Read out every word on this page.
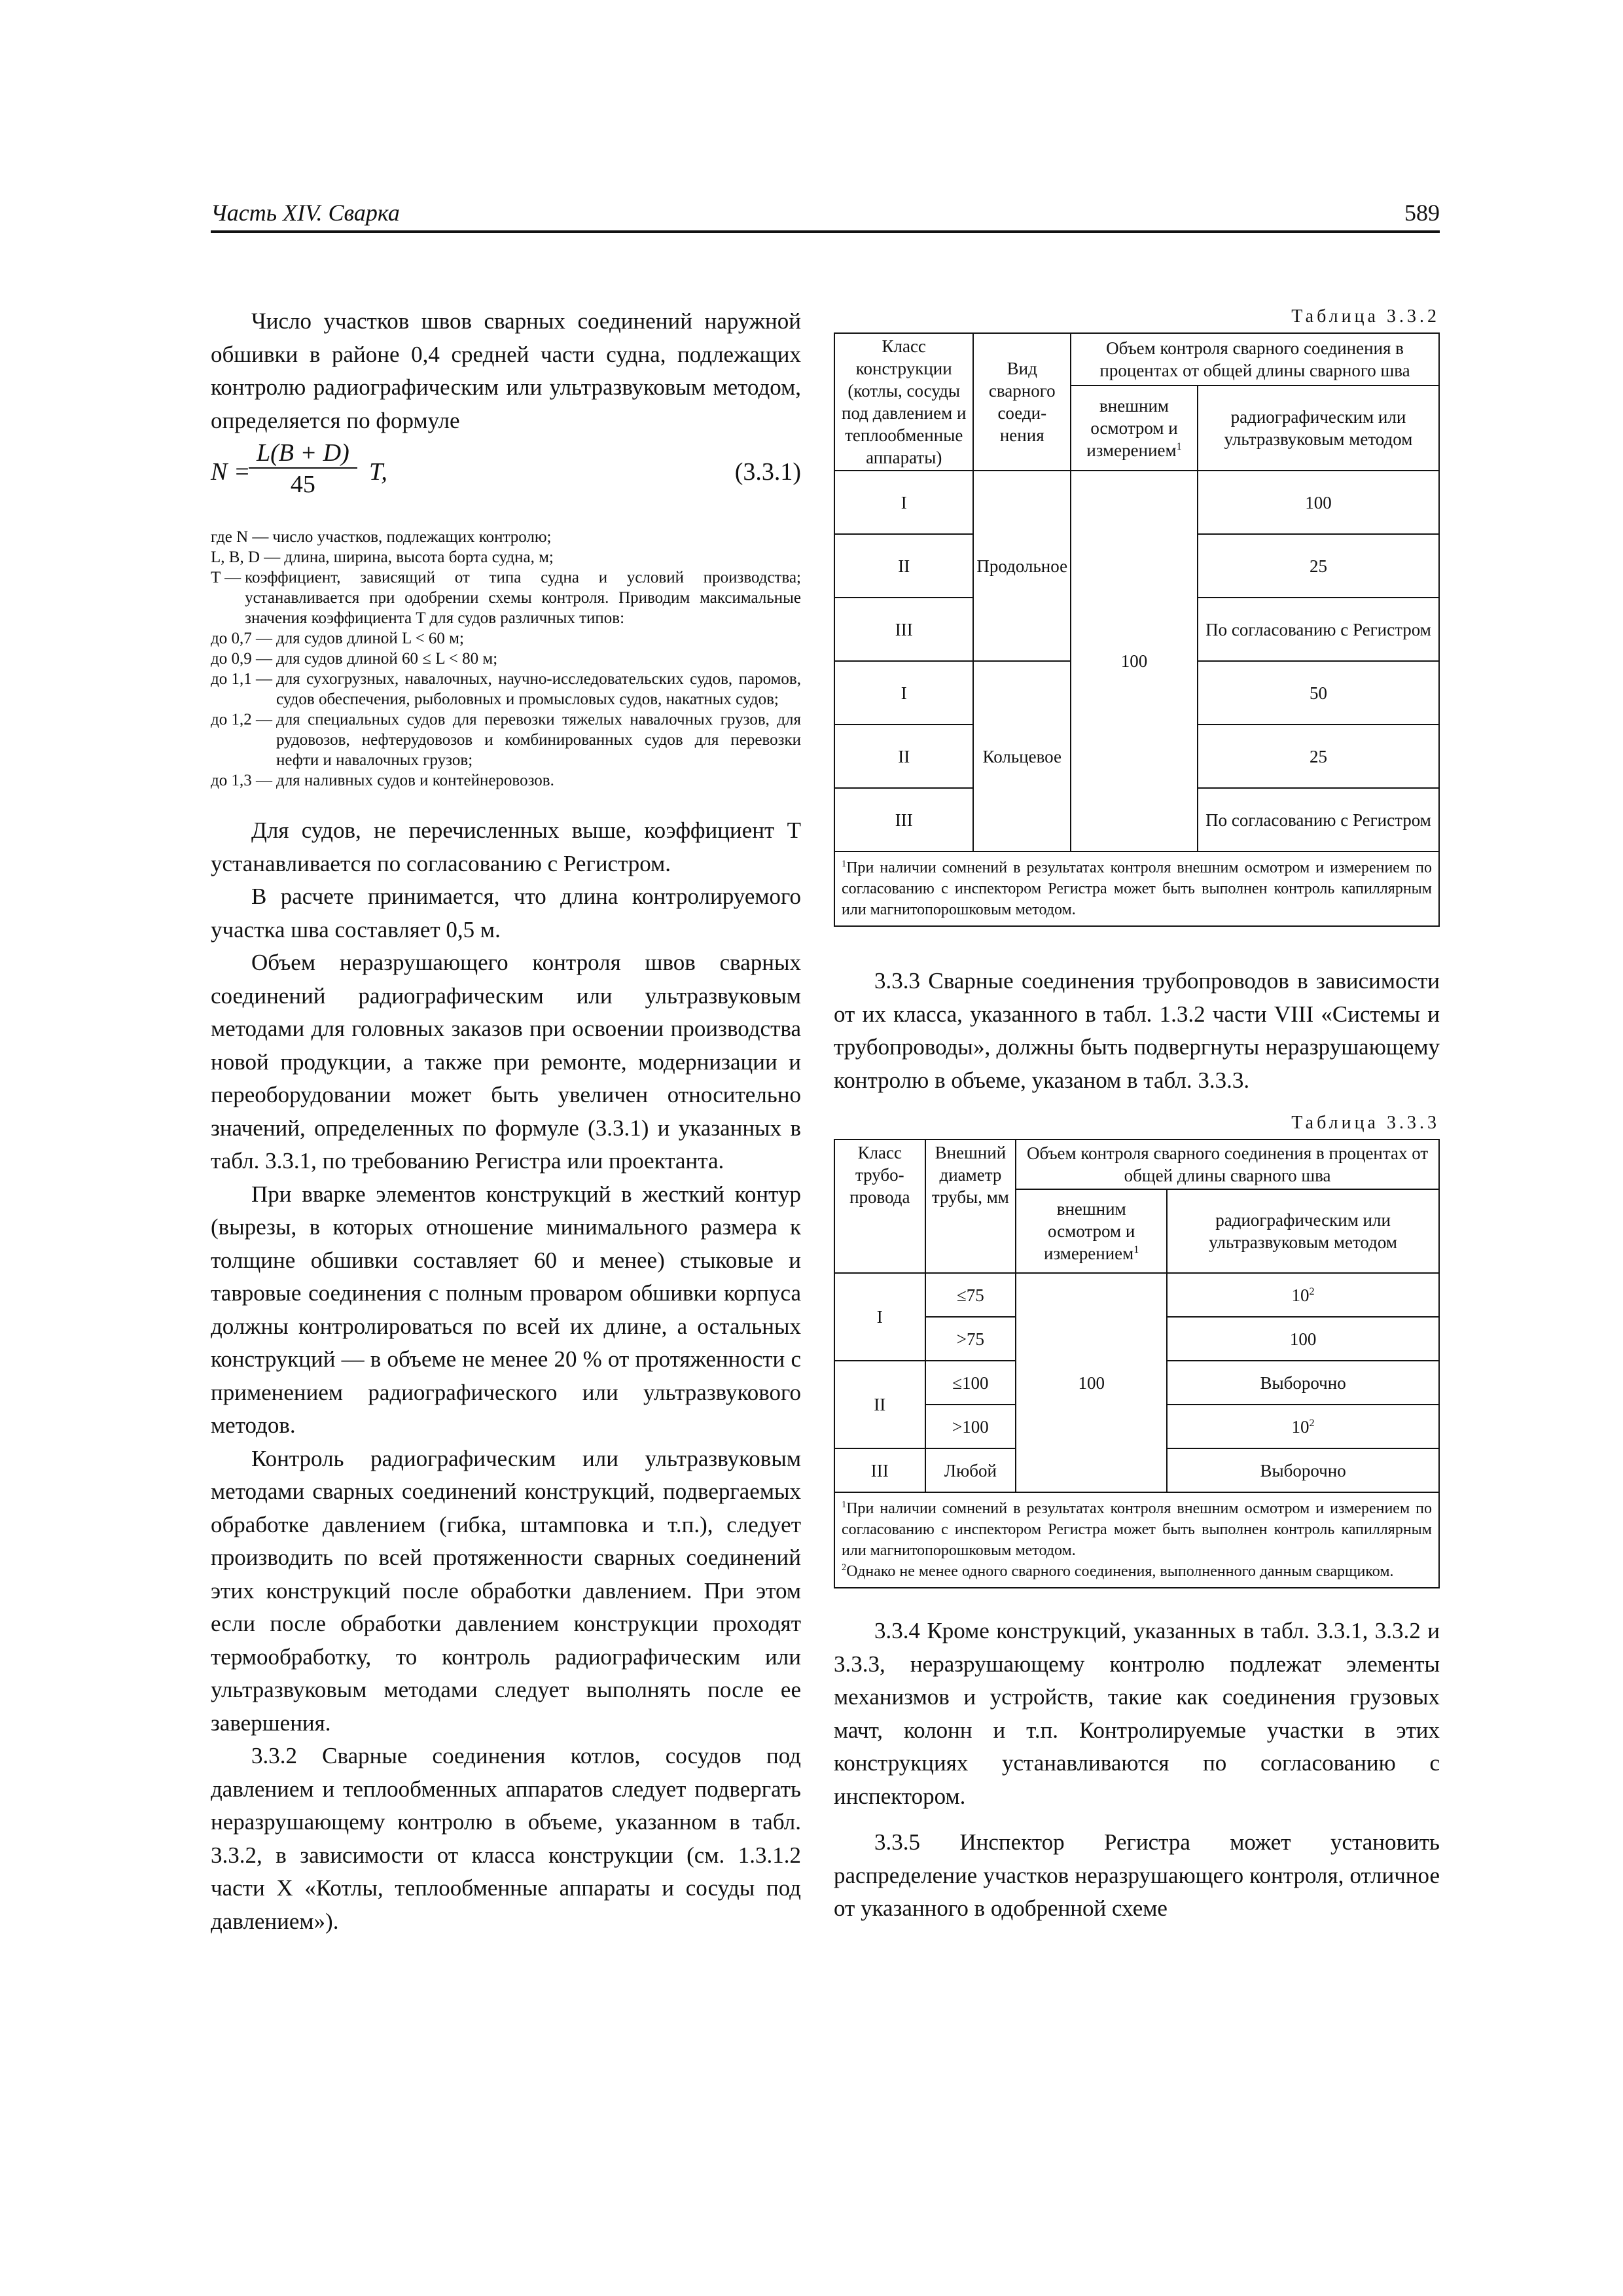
Часть XIV. Сварка	589

Число участков швов сварных соединений наружной обшивки в районе 0,4 средней части судна, подлежащих контролю радиографическим или ультразвуковым методом, определяется по формуле

N =
$\frac{L(B + D)}{45} T$,	(3.3.1)
где N — число участков, подлежащих контролю;
L, B, D — длина, ширина, высота борта судна, м;
T — коэффициент, зависящий от типа судна и условий производства; устанавливается при одобрении схемы контроля. Приводим максимальные значения коэффициента T для судов различных типов:
до 0,7 — для судов длиной L < 60 м;
до 0,9 — для судов длиной 60 ≤ L < 80 м;
до 1,1 — для сухогрузных, навалочных, научно-исследовательских судов, паромов, судов обеспечения, рыболовных и промысловых судов, накатных судов;
до 1,2 — для специальных судов для перевозки тяжелых навалочных грузов, для рудовозов, нефтерудовозов и комбинированных судов для перевозки нефти и навалочных грузов;
до 1,3 — для наливных судов и контейнеровозов.

Для судов, не перечисленных выше, коэффициент T устанавливается по согласованию с Регистром.

В расчете принимается, что длина контролируемого участка шва составляет 0,5 м.

Объем неразрушающего контроля швов сварных соединений радиографическим или ультразвуковым методами для головных заказов при освоении производства новой продукции, а также при ремонте, модернизации и переоборудовании может быть увеличен относительно значений, определенных по формуле (3.3.1) и указанных в табл. 3.3.1, по требованию Регистра или проектанта.

При вварке элементов конструкций в жесткий контур (вырезы, в которых отношение минимального размера к толщине обшивки составляет 60 и менее) стыковые и тавровые соединения с полным проваром обшивки корпуса должны контролироваться по всей их длине, а остальных конструкций — в объеме не менее 20 % от протяженности с применением радиографического или ультразвукового методов.

Контроль радиографическим или ультразвуковым методами сварных соединений конструкций, подвергаемых обработке давлением (гибка, штамповка и т.п.), следует производить по всей протяженности сварных соединений этих конструкций после обработки давлением. При этом если после обработки давлением конструкции проходят термообработку, то контроль радиографическим или ультразвуковым методами следует выполнять после ее завершения.

3.3.2 Сварные соединения котлов, сосудов под давлением и теплообменных аппаратов следует подвергать неразрушающему контролю в объеме, указанном в табл. 3.3.2, в зависимости от класса конструкции (см. 1.3.1.2 части X «Котлы, теплообменные аппараты и сосуды под давлением»).

Таблица 3.3.2
Класс конструкции (котлы, сосуды под давлением и теплообменные аппараты)	Вид сварного соеди-нения	Объем контроля сварного соединения в процентах от общей длины сварного шва	
		внешним осмотром и измерением$^1$	радиографическим или ультразвуковым методом
I	Продольное	100	100
II			25
III			По согласованию с Регистром
I	Кольцевое		50
II			25
III			По согласованию с Регистром
$^1$При наличии сомнений в результатах контроля внешним осмотром и измерением по согласованию с инспектором Регистра может быть выполнен контроль капиллярным или магнитопорошковым методом.			

3.3.3 Сварные соединения трубопроводов в зависимости от их класса, указанного в табл. 1.3.2 части VIII «Системы и трубопроводы», должны быть подвергнуты неразрушающему контролю в объеме, указаном в табл. 3.3.3.

Таблица 3.3.3
Класс трубо-провода	Внешний диаметр трубы, мм	Объем контроля сварного соединения в процентах от общей длины сварного шва	
		внешним осмотром и измерением$^1$	радиографическим или ультразвуковым методом
I	≤75	100	$10^2$
	>75		100
II	≤100		Выборочно
	>100		$10^2$
III	Любой		Выборочно

$^1$При наличии сомнений в результатах контроля внешним осмотром и измерением по согласованию с инспектором Регистра может быть выполнен контроль капиллярным или магнитопорошковым методом.
$^2$Однако не менее одного сварного соединения, выполненного данным сварщиком.			

3.3.4 Кроме конструкций, указанных в табл. 3.3.1, 3.3.2 и 3.3.3, неразрушающему контролю подлежат элементы механизмов и устройств, такие как соединения грузовых мачт, колонн и т.п. Контролируемые участки в этих конструкциях устанавливаются по согласованию с инспектором.

3.3.5 Инспектор Регистра может установить распределение участков неразрушающего контроля, отличное от указанного в одобренной схеме
